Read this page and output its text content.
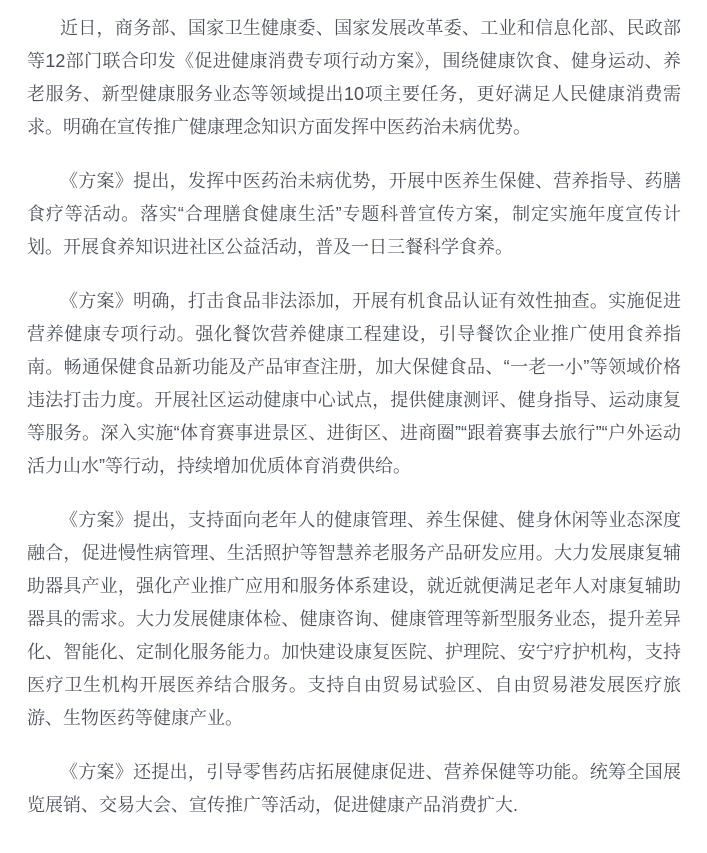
近日，商务部、国家卫生健康委、国家发展改革委、工业和信息化部、民政部等12部门联合印发《促进健康消费专项行动方案》，围绕健康饮食、健身运动、养老服务、新型健康服务业态等领域提出10项主要任务，更好满足人民健康消费需求。明确在宣传推广健康理念知识方面发挥中医药治未病优势。

《方案》提出，发挥中医药治未病优势，开展中医养生保健、营养指导、药膳食疗等活动。落实“合理膳食健康生活”专题科普宣传方案，制定实施年度宣传计划。开展食养知识进社区公益活动，普及一日三餐科学食养。

《方案》明确，打击食品非法添加，开展有机食品认证有效性抽查。实施促进营养健康专项行动。强化餐饮营养健康工程建设，引导餐饮企业推广使用食养指南。畅通保健食品新功能及产品审查注册，加大保健食品、“一老一小”等领域价格违法打击力度。开展社区运动健康中心试点，提供健康测评、健身指导、运动康复等服务。深入实施“体育赛事进景区、进街区、进商圈”“跟着赛事去旅行”“户外运动活力山水”等行动，持续增加优质体育消费供给。

《方案》提出，支持面向老年人的健康管理、养生保健、健身休闲等业态深度融合，促进慢性病管理、生活照护等智慧养老服务产品研发应用。大力发展康复辅助器具产业，强化产业推广应用和服务体系建设，就近就便满足老年人对康复辅助器具的需求。大力发展健康体检、健康咨询、健康管理等新型服务业态，提升差异化、智能化、定制化服务能力。加快建设康复医院、护理院、安宁疗护机构，支持医疗卫生机构开展医养结合服务。支持自由贸易试验区、自由贸易港发展医疗旅游、生物医药等健康产业。

《方案》还提出，引导零售药店拓展健康促进、营养保健等功能。统筹全国展览展销、交易大会、宣传推广等活动，促进健康产品消费扩大.
